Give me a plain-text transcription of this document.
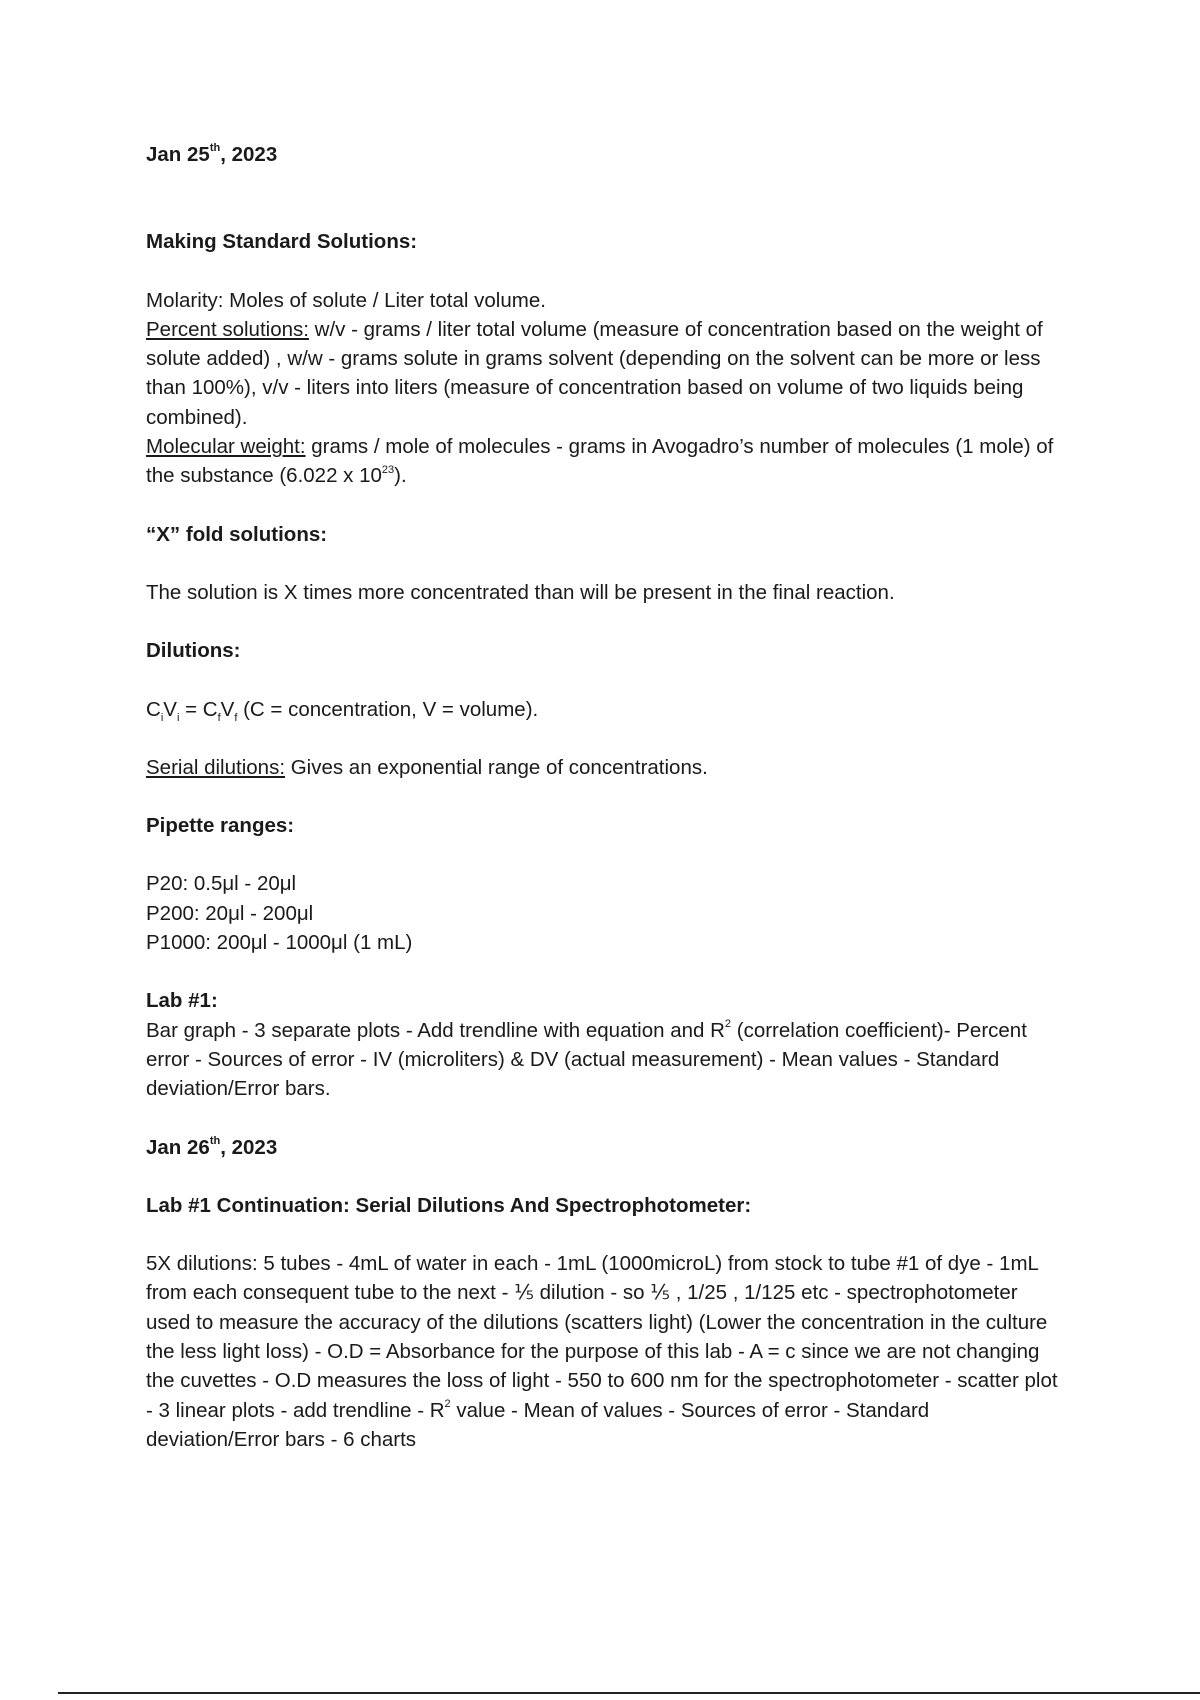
Jan 25th, 2023

Making Standard Solutions:

Molarity: Moles of solute / Liter total volume.

Percent solutions: w/v - grams / liter total volume (measure of concentration based on the weight of solute added) , w/w - grams solute in grams solvent (depending on the solvent can be more or less than 100%), v/v - liters into liters (measure of concentration based on volume of two liquids being combined).

Molecular weight: grams / mole of molecules - grams in Avogadro’s number of molecules (1 mole) of the substance (6.022 x $10^{23}$).

“X” fold solutions:

The solution is X times more concentrated than will be present in the final reaction.

Dilutions:

$C_iV_i = C_fV_f$ (C = concentration, V = volume).

Serial dilutions: Gives an exponential range of concentrations.

Pipette ranges:

P20: 0.5μl - 20μl

P200: 20μl - 200μl

P1000: 200μl - 1000μl (1 mL)

Lab #1:

Bar graph - 3 separate plots - Add trendline with equation and $R^2$ (correlation coefficient)- Percent error - Sources of error - IV (microliters) & DV (actual measurement) - Mean values - Standard deviation/Error bars.

Jan 26th, 2023

Lab #1 Continuation: Serial Dilutions And Spectrophotometer:

5X dilutions: 5 tubes - 4mL of water in each - 1mL (1000microL) from stock to tube #1 of dye - 1mL from each consequent tube to the next - ⅕ dilution - so ⅕ , 1/25 , 1/125 etc - spectrophotometer used to measure the accuracy of the dilutions (scatters light) (Lower the concentration in the culture the less light loss) - O.D = Absorbance for the purpose of this lab - A = c since we are not changing the cuvettes - O.D measures the loss of light - 550 to 600 nm for the spectrophotometer - scatter plot - 3 linear plots - add trendline - $R^2$ value - Mean of values - Sources of error - Standard deviation/Error bars - 6 charts
